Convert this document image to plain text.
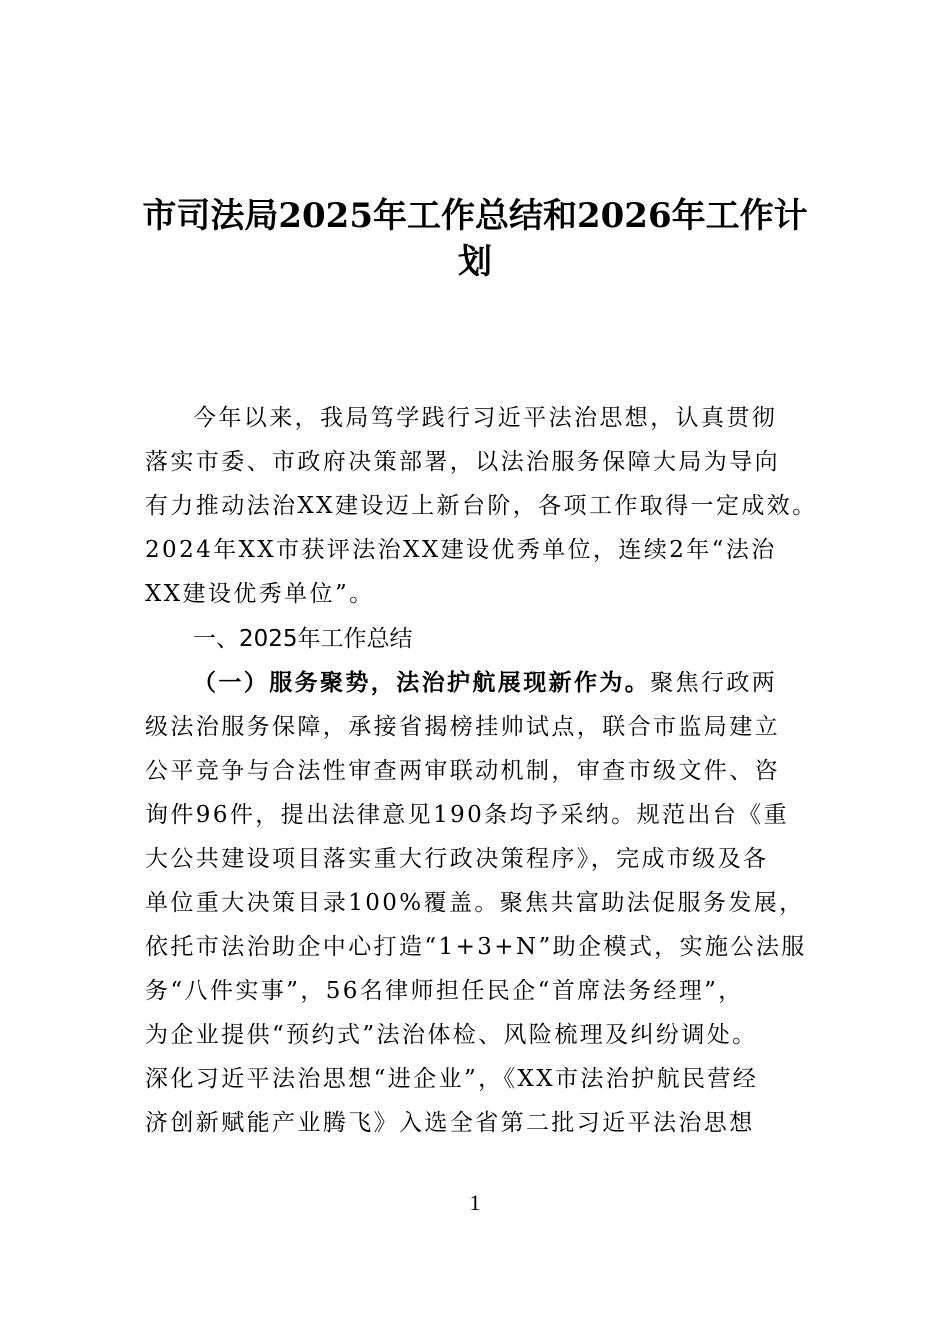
市司法局2025年工作总结和2026年工作计
划
今年以来，我局笃学践行习近平法治思想，认真贯彻
落实市委、市政府决策部署，以法治服务保障大局为导向
有力推动法治XX建设迈上新台阶，各项工作取得一定成效。
2024年XX市获评法治XX建设优秀单位，连续2年“法治
XX建设优秀单位”。
一、2025年工作总结
（一）服务聚势，法治护航展现新作为。聚焦行政两
级法治服务保障，承接省揭榜挂帅试点，联合市监局建立
公平竞争与合法性审查两审联动机制，审查市级文件、咨
询件96件，提出法律意见190条均予采纳。规范出台《重
大公共建设项目落实重大行政决策程序》，完成市级及各
单位重大决策目录100%覆盖。聚焦共富助法促服务发展，
依托市法治助企中心打造“1+3+N”助企模式，实施公法服
务“八件实事”，56名律师担任民企“首席法务经理”，
为企业提供“预约式”法治体检、风险梳理及纠纷调处。
深化习近平法治思想“进企业”，《XX市法治护航民营经
济创新赋能产业腾飞》入选全省第二批习近平法治思想
1
